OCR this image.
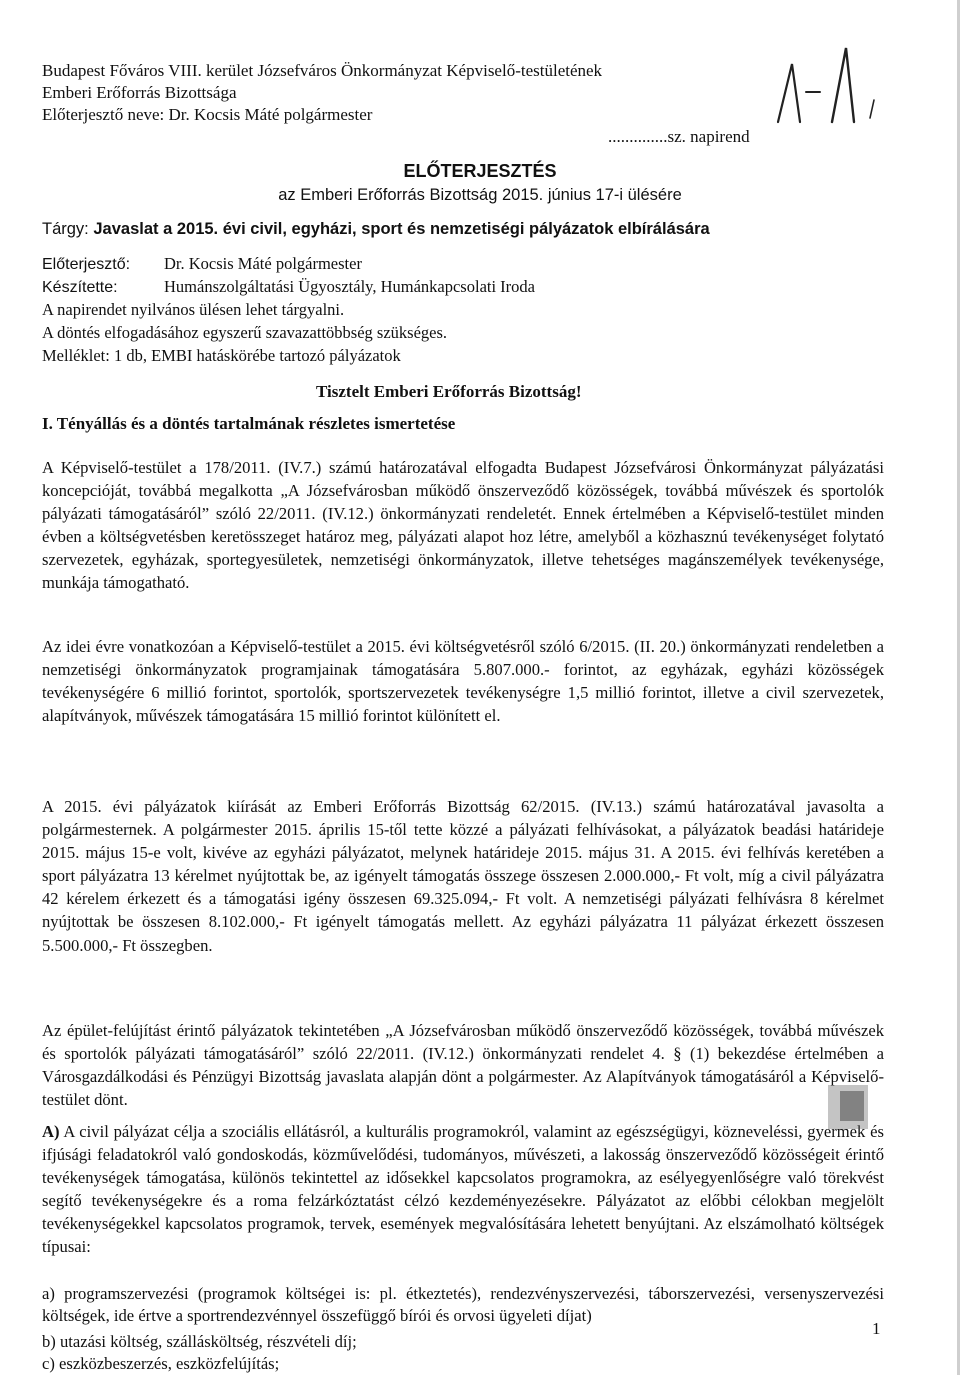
Budapest Főváros VIII. kerület Józsefváros Önkormányzat Képviselő-testületének
Emberi Erőforrás Bizottsága
Előterjesztő neve: Dr. Kocsis Máté polgármester
..............sz. napirend
ELŐTERJESZTÉS
az Emberi Erőforrás Bizottság 2015. június 17-i ülésére
Tárgy: Javaslat a 2015. évi civil, egyházi, sport és nemzetiségi pályázatok elbírálására
Előterjesztő: Dr. Kocsis Máté polgármester
Készítette:	Humánszolgáltatási Ügyosztály, Humánkapcsolati Iroda
A napirendet nyilvános ülésen lehet tárgyalni.
A döntés elfogadásához egyszerű szavazattöbbség szükséges.
Melléklet: 1 db, EMBI hatáskörébe tartozó pályázatok
Tisztelt Emberi Erőforrás Bizottság!
I. Tényállás és a döntés tartalmának részletes ismertetése
A Képviselő-testület a 178/2011. (IV.7.) számú határozatával elfogadta Budapest Józsefvárosi Önkormányzat pályázatási koncepcióját, továbbá megalkotta „A Józsefvárosban működő önszerveződő közösségek, továbbá művészek és sportolók pályázati támogatásáról” szóló 22/2011. (IV.12.) önkormányzati rendeletét. Ennek értelmében a Képviselő-testület minden évben a költségvetésben keretösszeget határoz meg, pályázati alapot hoz létre, amelyből a közhasznú tevékenységet folytató szervezetek, egyházak, sportegyesületek, nemzetiségi önkormányzatok, illetve tehetséges magánszemélyek tevékenysége, munkája támogatható.
Az idei évre vonatkozóan a Képviselő-testület a 2015. évi költségvetésről szóló 6/2015. (II. 20.) önkormányzati rendeletben a nemzetiségi önkormányzatok programjainak támogatására 5.807.000.- forintot, az egyházak, egyházi közösségek tevékenységére 6 millió forintot, sportolók, sportszervezetek tevékenységre 1,5 millió forintot, illetve a civil szervezetek, alapítványok, művészek támogatására 15 millió forintot különített el.
A 2015. évi pályázatok kiírását az Emberi Erőforrás Bizottság 62/2015. (IV.13.) számú határozatával javasolta a polgármesternek. A polgármester 2015. április 15-től tette közzé a pályázati felhívásokat, a pályázatok beadási határideje 2015. május 15-e volt, kivéve az egyházi pályázatot, melynek határideje 2015. május 31. A 2015. évi felhívás keretében a sport pályázatra 13 kérelmet nyújtottak be, az igényelt támogatás összege összesen 2.000.000,- Ft volt, míg a civil pályázatra 42 kérelem érkezett és a támogatási igény összesen 69.325.094,- Ft volt. A nemzetiségi pályázati felhívásra 8 kérelmet nyújtottak be összesen 8.102.000,- Ft igényelt támogatás mellett. Az egyházi pályázatra 11 pályázat érkezett összesen 5.500.000,- Ft összegben.
Az épület-felújítást érintő pályázatok tekintetében „A Józsefvárosban működő önszerveződő közösségek, továbbá művészek és sportolók pályázati támogatásáról” szóló 22/2011. (IV.12.) önkormányzati rendelet 4. § (1) bekezdése értelmében a Városgazdálkodási és Pénzügyi Bizottság javaslata alapján dönt a polgármester. Az Alapítványok támogatásáról a Képviselő-testület dönt.
A) A civil pályázat célja a szociális ellátásról, a kulturális programokról, valamint az egészségügyi, közneveléssi, gyermek és ifjúsági feladatokról való gondoskodás, közművelődési, tudományos, művészeti, a lakosság önszerveződő közösségeit érintő tevékenységek támogatása, különös tekintettel az idősekkel kapcsolatos programokra, az esélyegyenlőségre való törekvést segítő tevékenységekre és a roma felzárkóztatást célzó kezdeményezésekre. Pályázatot az előbbi célokban megjelölt tevékenységekkel kapcsolatos programok, tervek, események megvalósítására lehetett benyújtani. Az elszámolható költségek típusai:
a) programszervezési (programok költségei is: pl. étkeztetés), rendezvényszervezési, táborszervezési, versenyszervezési költségek, ide értve a sportrendezvénnyel összefüggő bírói és orvosi ügyeleti díjat)
b) utazási költség, szállásköltség, részvételi díj;
c) eszközbeszerzés, eszközfelújítás;
1
